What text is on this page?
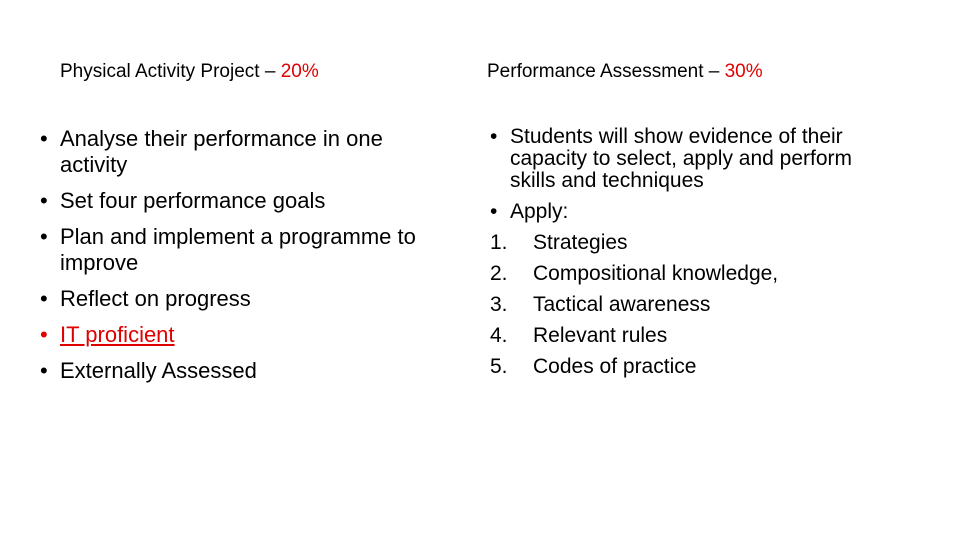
Physical Activity Project – 20%	Performance Assessment – 30%
• Analyse their performance in one activity
• Set four performance goals
• Plan and implement a programme to improve
• Reflect on progress
• IT proficient
• Externally Assessed
• Students will show evidence of their capacity to select, apply and perform skills and techniques
• Apply:
1.	Strategies
2.	Compositional knowledge,
3.	Tactical awareness
4.	Relevant rules
5.	Codes of practice
